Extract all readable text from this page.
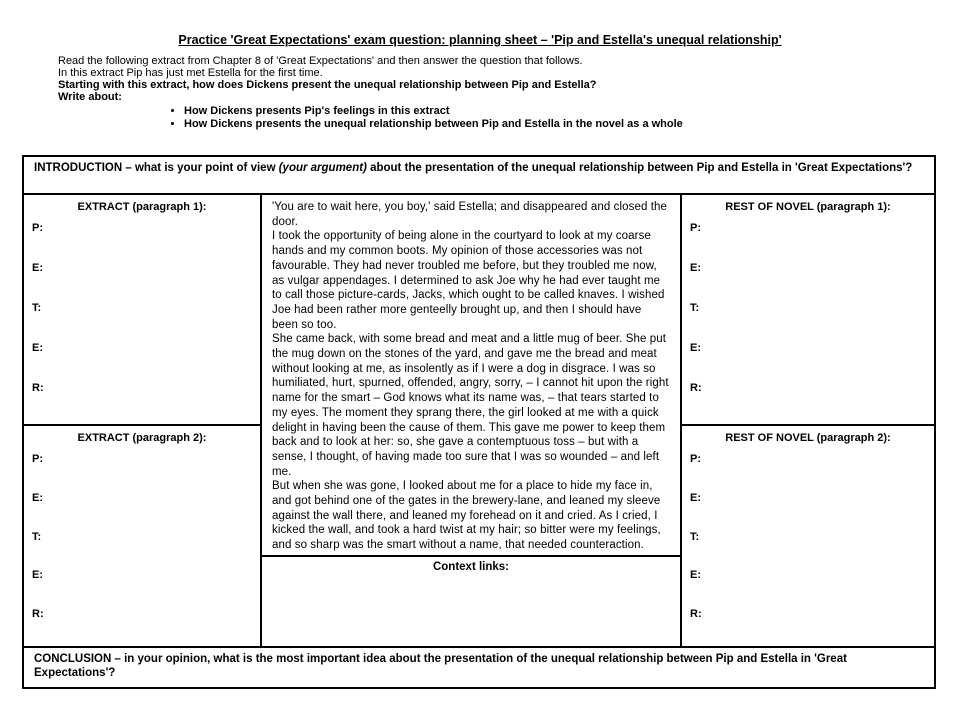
Practice 'Great Expectations' exam question: planning sheet – 'Pip and Estella's unequal relationship'

Read the following extract from Chapter 8 of 'Great Expectations' and then answer the question that follows.

In this extract Pip has just met Estella for the first time.

Starting with this extract, how does Dickens present the unequal relationship between Pip and Estella?

Write about:

• How Dickens presents Pip's feelings in this extract
• How Dickens presents the unequal relationship between Pip and Estella in the novel as a whole
INTRODUCTION – what is your point of view (your argument) about the presentation of the unequal relationship between Pip and Estella in 'Great Expectations'?
EXTRACT (paragraph 1):
P:
E:
T:
E:
R:
EXTRACT (paragraph 2):
P:
E:
T:
E:
R:

'You are to wait here, you boy,' said Estella; and disappeared and closed the door.

I took the opportunity of being alone in the courtyard to look at my coarse hands and my common boots. My opinion of those accessories was not favourable. They had never troubled me before, but they troubled me now, as vulgar appendages. I determined to ask Joe why he had ever taught me to call those picture-cards, Jacks, which ought to be called knaves. I wished Joe had been rather more genteelly brought up, and then I should have been so too.

She came back, with some bread and meat and a little mug of beer. She put the mug down on the stones of the yard, and gave me the bread and meat without looking at me, as insolently as if I were a dog in disgrace. I was so humiliated, hurt, spurned, offended, angry, sorry, – I cannot hit upon the right name for the smart – God knows what its name was, – that tears started to my eyes. The moment they sprang there, the girl looked at me with a quick delight in having been the cause of them. This gave me power to keep them back and to look at her: so, she gave a contemptuous toss – but with a sense, I thought, of having made too sure that I was so wounded – and left me.

But when she was gone, I looked about me for a place to hide my face in, and got behind one of the gates in the brewery-lane, and leaned my sleeve against the wall there, and leaned my forehead on it and cried. As I cried, I kicked the wall, and took a hard twist at my hair; so bitter were my feelings, and so sharp was the smart without a name, that needed counteraction.

Context links:
REST OF NOVEL (paragraph 1):
P:
E:
T:
E:
R:
REST OF NOVEL (paragraph 2):
P:
E:
T:
E:
R:
CONCLUSION – in your opinion, what is the most important idea about the presentation of the unequal relationship between Pip and Estella in 'Great Expectations'?
